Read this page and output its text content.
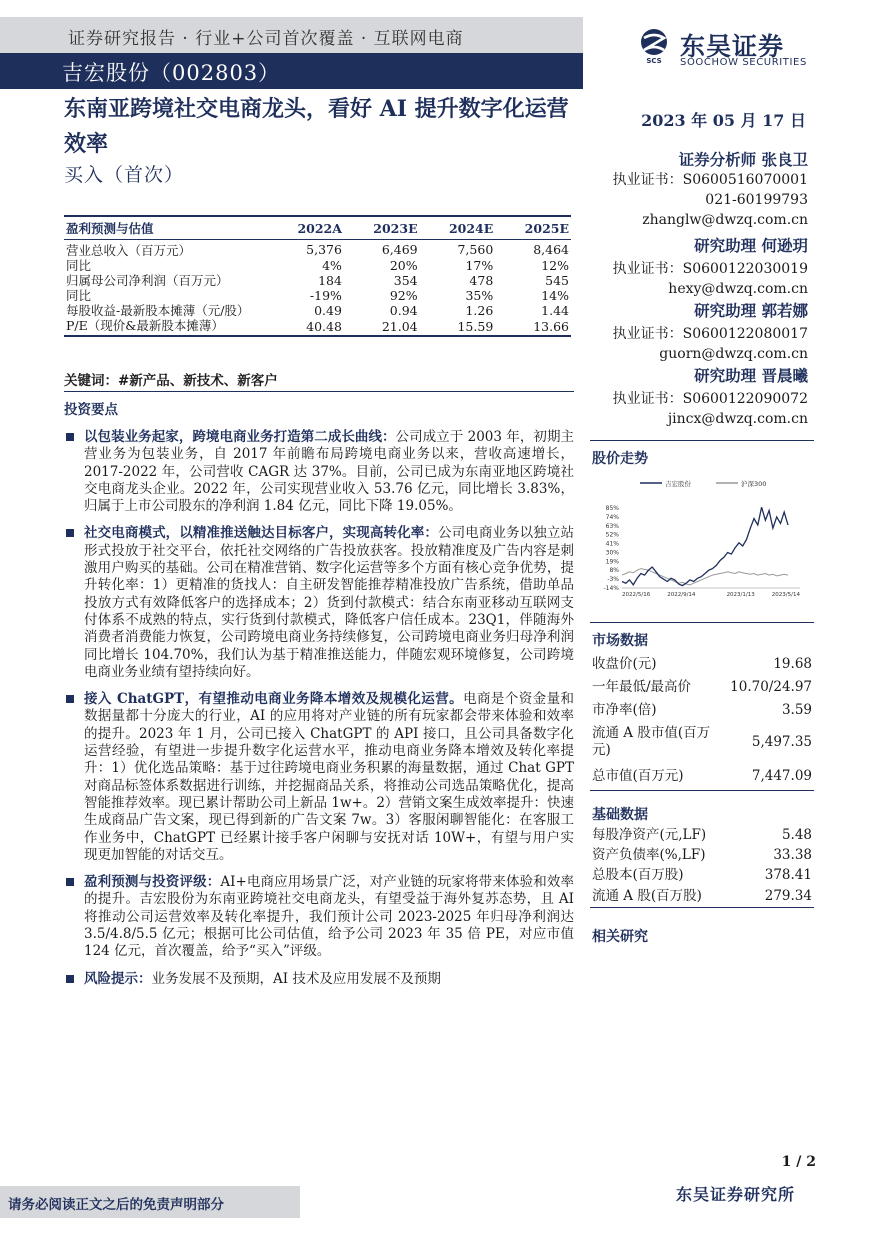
证券研究报告 · 行业+公司首次覆盖 · 互联网电商
吉宏股份（002803）	SCS 东吴证券
SOOCHOW SECURITIES
东南亚跨境社交电商龙头，看好 AI 提升数字化运营效率
买入（首次）
2023 年 05 月 17 日
证券分析师 张良卫
执业证书：S0600516070001
021-60199793
zhanglw@dwzq.com.cn
研究助理 何逊玥
执业证书：S0600122030019
hexy@dwzq.com.cn
研究助理 郭若娜
执业证书：S0600122080017
guorn@dwzq.com.cn
研究助理 晋晨曦
执业证书：S0600122090072
jincx@dwzq.com.cn
盈利预测与估值	2022A	2023E	2024E	2025E
营业总收入（百万元）	5,376	6,469	7,560	8,464
同比	4%	20%	17%	12%
归属母公司净利润（百万元）	184	354	478	545
同比	-19%	92%	35%	14%
每股收益-最新股本摊薄（元/股）	0.49	0.94	1.26	1.44
P/E（现价&最新股本摊薄）	40.48	21.04	15.59	13.66
关键词：#新产品、新技术、新客户
投资要点
以包装业务起家，跨境电商业务打造第二成长曲线：公司成立于 2003 年，初期主营业务为包装业务，自 2017 年前瞻布局跨境电商业务以来，营收高速增长，2017-2022 年，公司营收 CAGR 达 37%。目前，公司已成为东南亚地区跨境社交电商龙头企业。2022 年，公司实现营业收入 53.76 亿元，同比增长 3.83%，归属于上市公司股东的净利润 1.84 亿元，同比下降 19.05%。
社交电商模式，以精准推送触达目标客户，实现高转化率：公司电商业务以独立站形式投放于社交平台，依托社交网络的广告投放获客。投放精准度及广告内容是刺激用户购买的基础。公司在精准营销、数字化运营等多个方面有核心竞争优势，提升转化率：1）更精准的货找人：自主研发智能推荐精准投放广告系统，借助单品投放方式有效降低客户的选择成本；2）货到付款模式：结合东南亚移动互联网支付体系不成熟的特点，实行货到付款模式，降低客户信任成本。23Q1，伴随海外消费者消费能力恢复，公司跨境电商业务持续修复，公司跨境电商业务归母净利润同比增长 104.70%，我们认为基于精准推送能力，伴随宏观环境修复，公司跨境电商业务业绩有望持续向好。
接入 ChatGPT，有望推动电商业务降本增效及规模化运营。电商是个资金量和数据量都十分庞大的行业，AI 的应用将对产业链的所有玩家都会带来体验和效率的提升。2023 年 1 月，公司已接入 ChatGPT 的 API 接口，且公司具备数字化运营经验，有望进一步提升数字化运营水平，推动电商业务降本增效及转化率提升：1）优化选品策略：基于过往跨境电商业务积累的海量数据，通过 Chat GPT 对商品标签体系数据进行训练，并挖掘商品关系，将推动公司选品策略优化，提高智能推荐效率。现已累计帮助公司上新品 1w+。2）营销文案生成效率提升：快速生成商品广告文案，现已得到新的广告文案 7w。3）客服闲聊智能化：在客服工作业务中，ChatGPT 已经累计接手客户闲聊与安抚对话 10W+，有望与用户实现更加智能的对话交互。
盈利预测与投资评级：AI+电商应用场景广泛，对产业链的玩家将带来体验和效率的提升。吉宏股份为东南亚跨境社交电商龙头，有望受益于海外复苏态势，且 AI 将推动公司运营效率及转化率提升，我们预计公司 2023-2025 年归母净利润达 3.5/4.8/5.5 亿元；根据可比公司估值，给予公司 2023 年 35 倍 PE，对应市值 124 亿元，首次覆盖，给予“买入”评级。
风险提示：业务发展不及预期，AI 技术及应用发展不及预期
股价走势
吉宏股份	沪深300
85%
74%
63%
52%
41%
30%
19%
8%
-3%
-14%
2022/5/16	2022/9/14	2023/1/13	2023/5/14
市场数据
收盘价(元)	19.68
一年最低/最高价	10.70/24.97
市净率(倍)	3.59
流通 A 股市值(百万元)	5,497.35
总市值(百万元)	7,447.09
基础数据
每股净资产(元,LF)	5.48
资产负债率(%,LF)	33.38
总股本(百万股)	378.41
流通 A 股(百万股)	279.34
相关研究
1 / 2
请务必阅读正文之后的免责声明部分
东吴证券研究所
